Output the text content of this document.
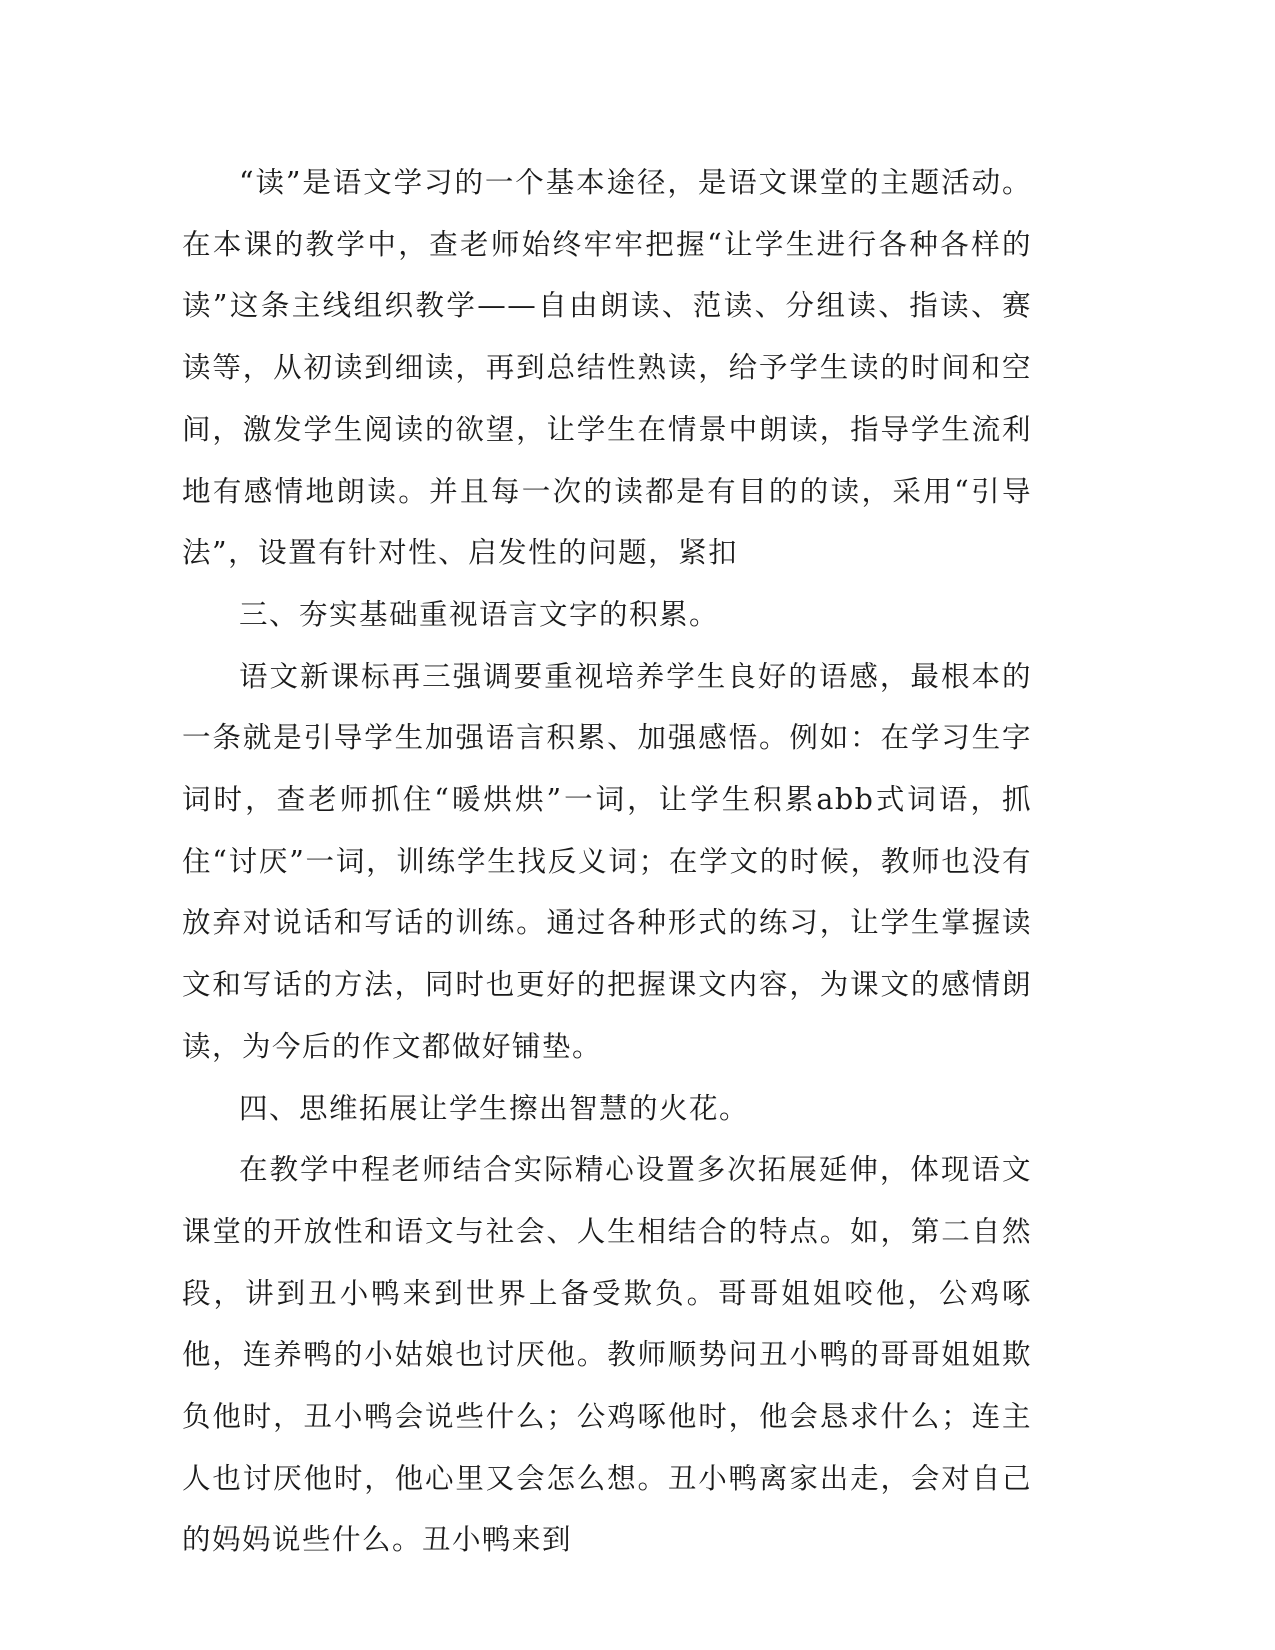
“读”是语文学习的一个基本途径，是语文课堂的主题活动。在本课的教学中，查老师始终牢牢把握“让学生进行各种各样的读”这条主线组织教学——自由朗读、范读、分组读、指读、赛读等，从初读到细读，再到总结性熟读，给予学生读的时间和空间，激发学生阅读的欲望，让学生在情景中朗读，指导学生流利地有感情地朗读。并且每一次的读都是有目的的读，采用“引导法”，设置有针对性、启发性的问题，紧扣

三、夯实基础重视语言文字的积累。

语文新课标再三强调要重视培养学生良好的语感，最根本的一条就是引导学生加强语言积累、加强感悟。例如：在学习生字词时，查老师抓住“暖烘烘”一词，让学生积累abb式词语，抓住“讨厌”一词，训练学生找反义词；在学文的时候，教师也没有放弃对说话和写话的训练。通过各种形式的练习，让学生掌握读文和写话的方法，同时也更好的把握课文内容，为课文的感情朗读，为今后的作文都做好铺垫。

四、思维拓展让学生擦出智慧的火花。

在教学中程老师结合实际精心设置多次拓展延伸，体现语文课堂的开放性和语文与社会、人生相结合的特点。如，第二自然段，讲到丑小鸭来到世界上备受欺负。哥哥姐姐咬他，公鸡啄他，连养鸭的小姑娘也讨厌他。教师顺势问丑小鸭的哥哥姐姐欺负他时，丑小鸭会说些什么；公鸡啄他时，他会恳求什么；连主人也讨厌他时，他心里又会怎么想。丑小鸭离家出走，会对自己的妈妈说些什么。丑小鸭来到
